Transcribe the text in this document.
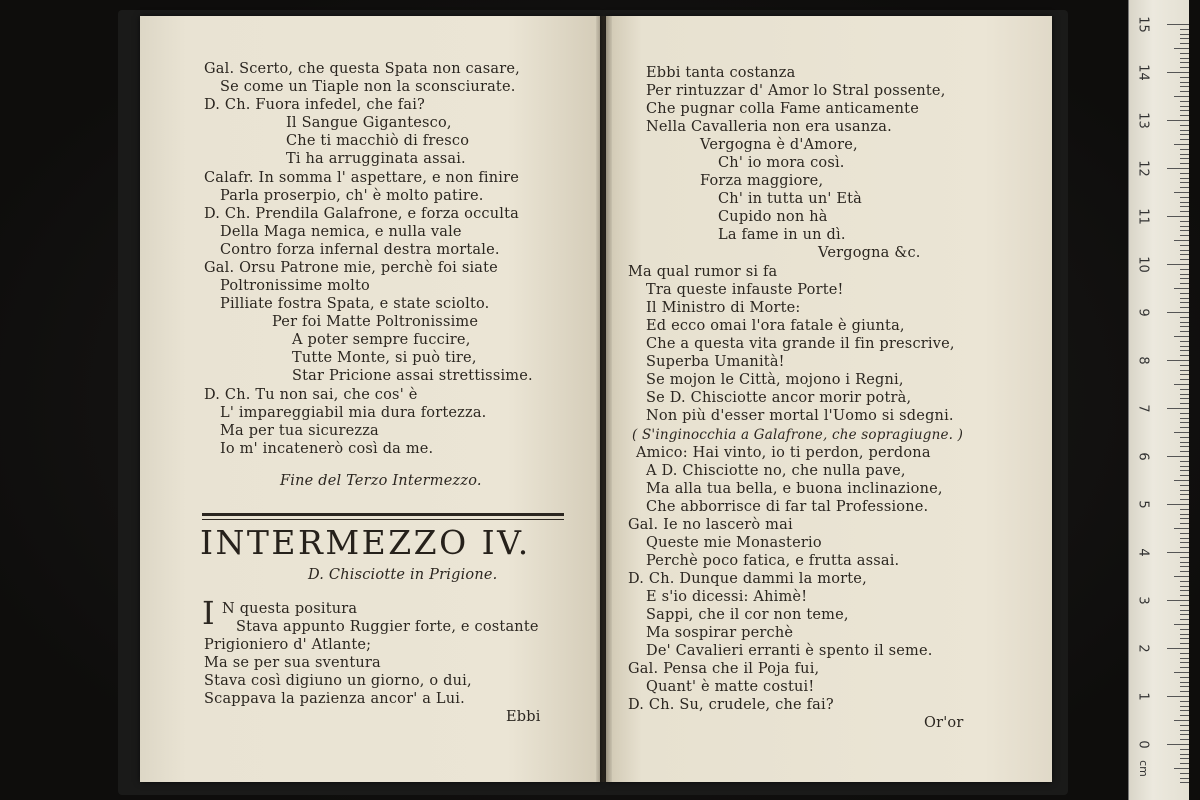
Gal. Scerto, che questa Spata non casare,
Se come un Tiaple non la sconsciurate.
D. Ch. Fuora infedel, che fai?
Il Sangue Gigantesco,
Che ti macchiò di fresco
Ti ha arrugginata assai.
Calafr. In somma l' aspettare, e non finire
Parla proserpio, ch' è molto patire.
D. Ch. Prendila Galafrone, e forza occulta
Della Maga nemica, e nulla vale
Contro forza infernal destra mortale.
Gal. Orsu Patrone mie, perchè foi siate
Poltronissime molto
Pilliate fostra Spata, e state sciolto.
Per foi Matte Poltronissime
A poter sempre fuccire,
Tutte Monte, si può tire,
Star Pricione assai strettissime.
D. Ch. Tu non sai, che cos' è
L' impareggiabil mia dura fortezza.
Ma per tua sicurezza
Io m' incatenerò così da me.
Fine del Terzo Intermezzo.
INTERMEZZO IV.
D. Chisciotte in Prigione.
I N questa positura
Stava appunto Ruggier forte, e costante
Prigioniero d' Atlante;
Ma se per sua sventura
Stava così digiuno un giorno, o dui,
Scappava la pazienza ancor' a Lui.
Ebbi
Ebbi tanta costanza
Per rintuzzar d' Amor lo Stral possente,
Che pugnar colla Fame anticamente
Nella Cavalleria non era usanza.
Vergogna è d'Amore,
Ch' io mora così.
Forza maggiore,
Ch' in tutta un' Età
Cupido non hà
La fame in un dì.
Vergogna &c.
Ma qual rumor si fa
Tra queste infauste Porte!
Il Ministro di Morte:
Ed ecco omai l'ora fatale è giunta,
Che a questa vita grande il fin prescrive,
Superba Umanità!
Se mojon le Città, mojono i Regni,
Se D. Chisciotte ancor morir potrà,
Non più d'esser mortal l'Uomo si sdegni.
( S'inginocchia a Galafrone, che sopragiugne. )
Amico: Hai vinto, io ti perdon, perdona
A D. Chisciotte no, che nulla pave,
Ma alla tua bella, e buona inclinazione,
Che abborrisce di far tal Professione.
Gal. Ie no lascerò mai
Queste mie Monasterio
Perchè poco fatica, e frutta assai.
D. Ch. Dunque dammi la morte,
E s'io dicessi: Ahimè!
Sappi, che il cor non teme,
Ma sospirar perchè
De' Cavalieri erranti è spento il seme.
Gal. Pensa che il Poja fui,
Quant' è matte costui!
D. Ch. Su, crudele, che fai?
Or'or
15
14
13
12
11
10
9
8
7
6
5
4
3
2
1
0
cm
